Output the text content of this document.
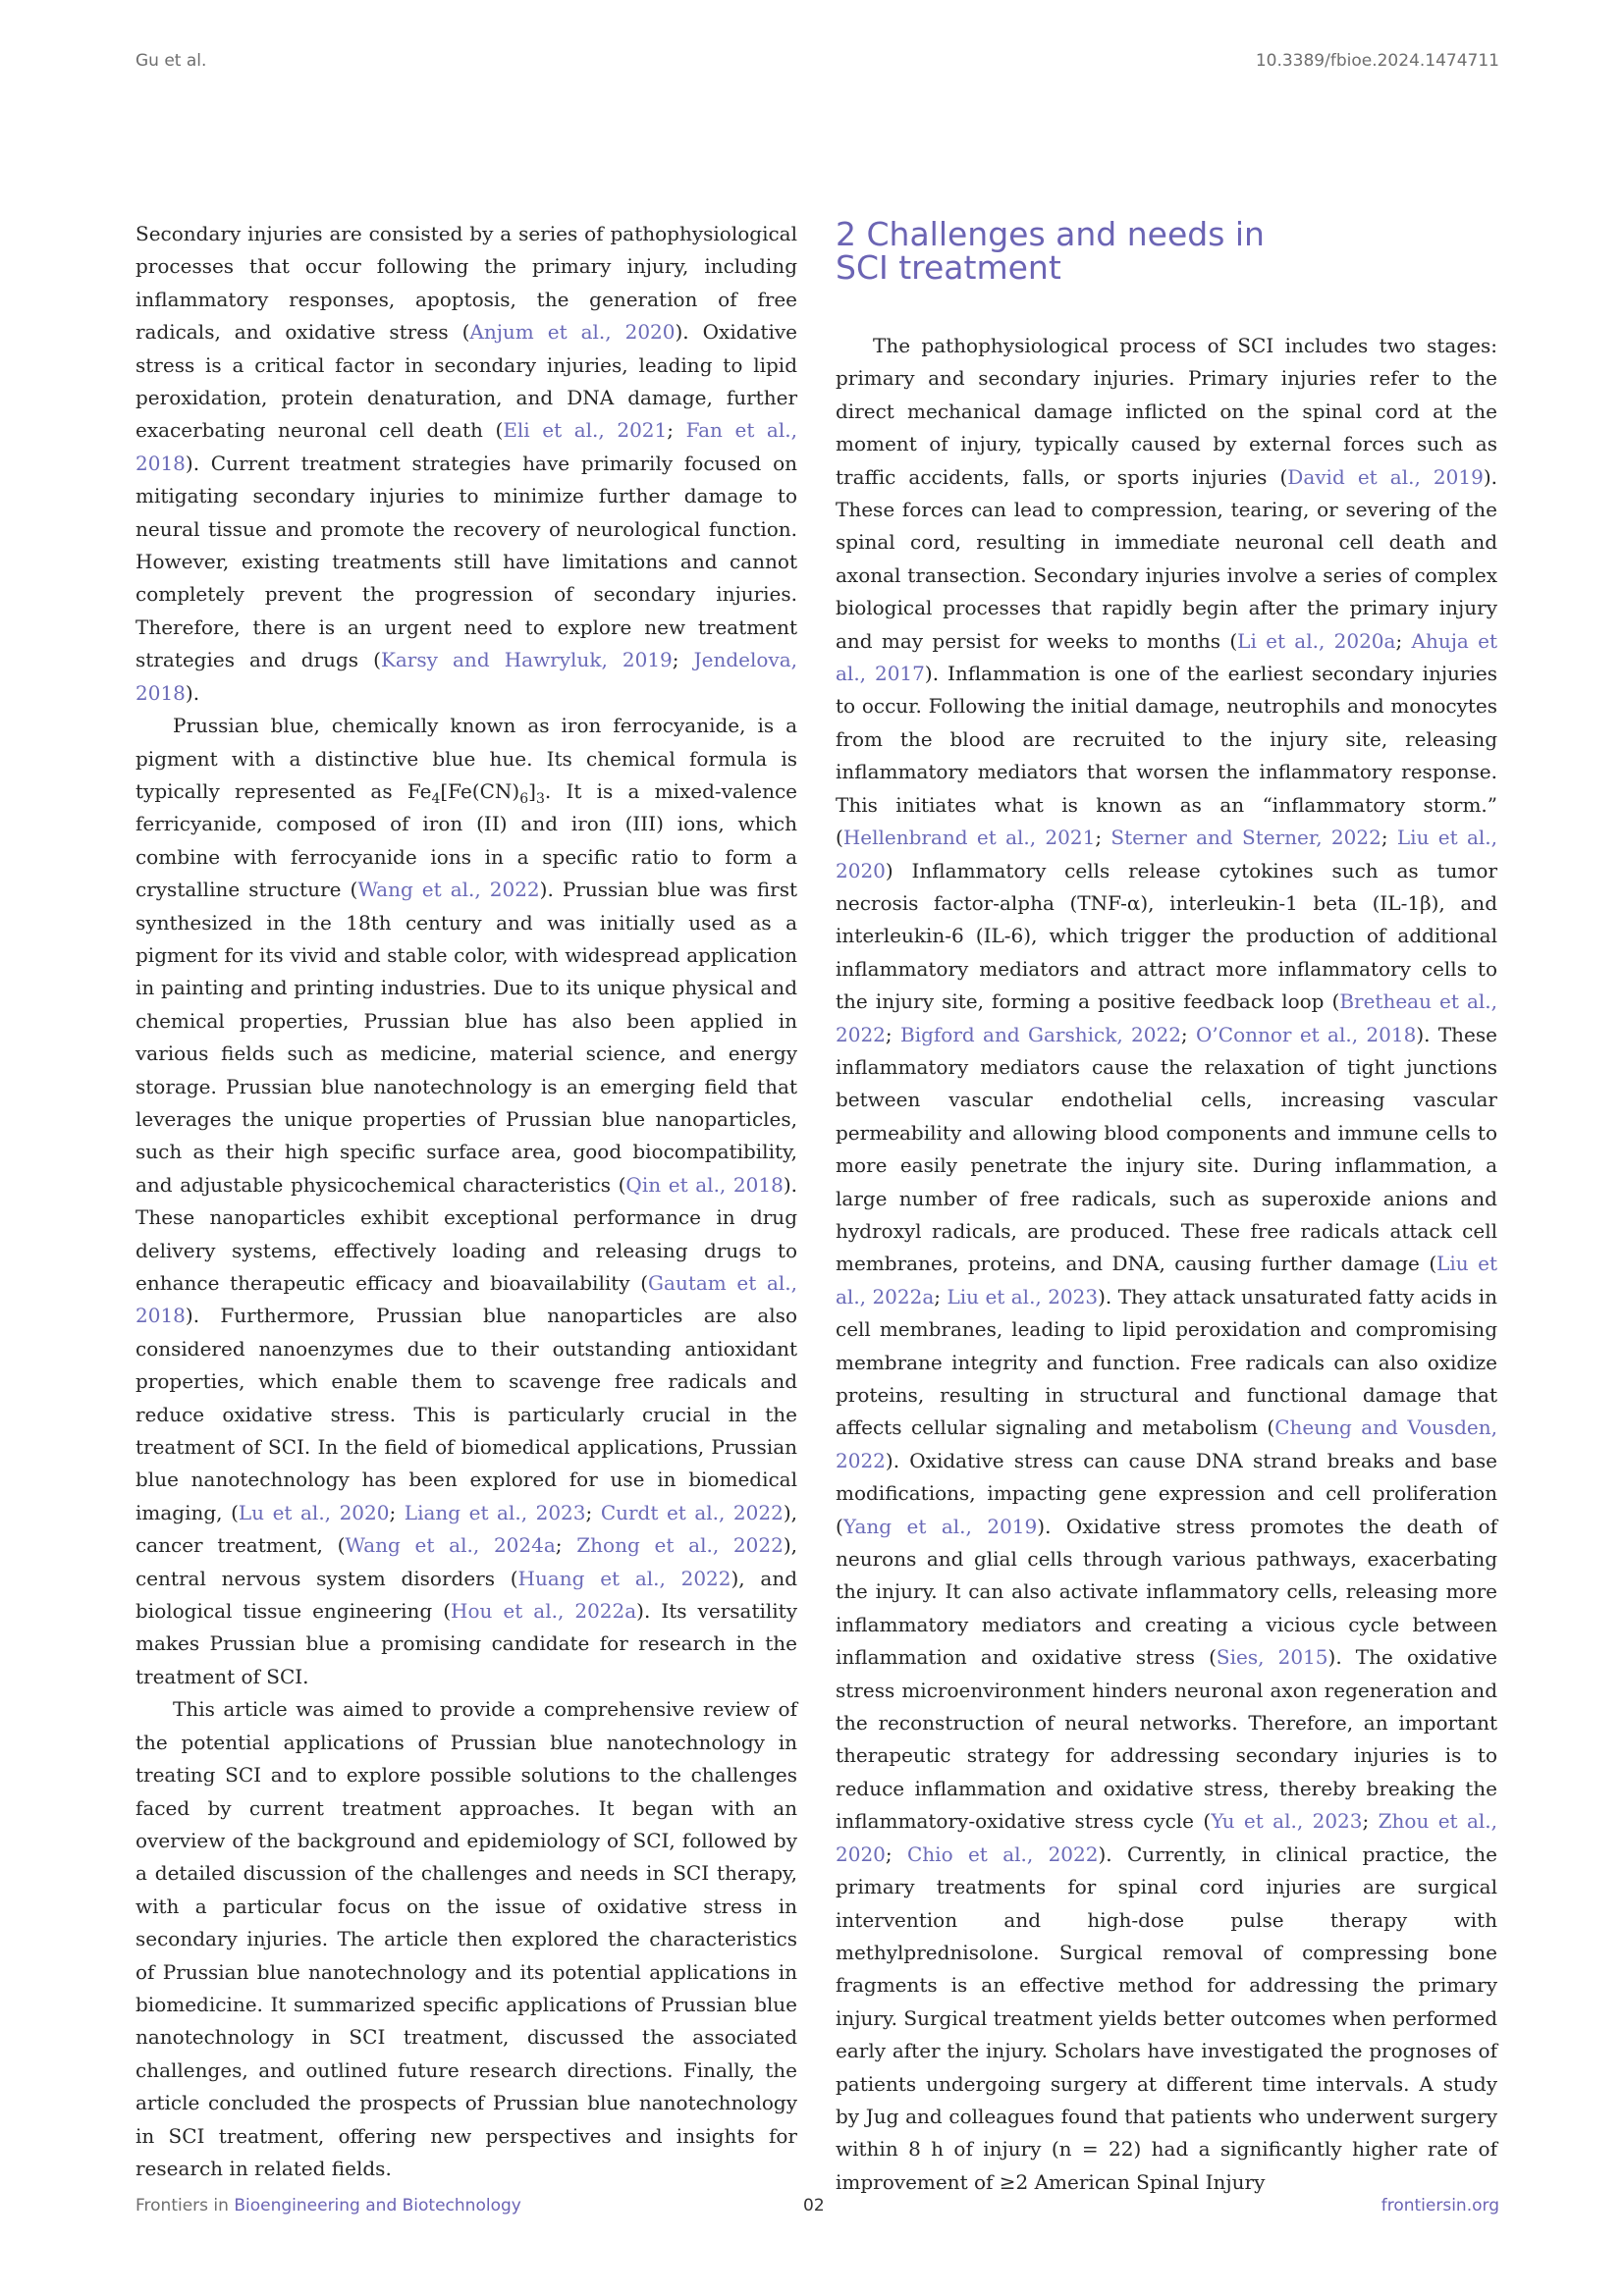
Gu et al.	10.3389/fbioe.2024.1474711

Secondary injuries are consisted by a series of pathophysiological processes that occur following the primary injury, including inflammatory responses, apoptosis, the generation of free radicals, and oxidative stress (Anjum et al., 2020). Oxidative stress is a critical factor in secondary injuries, leading to lipid peroxidation, protein denaturation, and DNA damage, further exacerbating neuronal cell death (Eli et al., 2021; Fan et al., 2018). Current treatment strategies have primarily focused on mitigating secondary injuries to minimize further damage to neural tissue and promote the recovery of neurological function. However, existing treatments still have limitations and cannot completely prevent the progression of secondary injuries. Therefore, there is an urgent need to explore new treatment strategies and drugs (Karsy and Hawryluk, 2019; Jendelova, 2018).

Prussian blue, chemically known as iron ferrocyanide, is a pigment with a distinctive blue hue. Its chemical formula is typically represented as $Fe_4[Fe(CN)_6]_3$. It is a mixed-valence ferricyanide, composed of iron (II) and iron (III) ions, which combine with ferrocyanide ions in a specific ratio to form a crystalline structure (Wang et al., 2022). Prussian blue was first synthesized in the 18th century and was initially used as a pigment for its vivid and stable color, with widespread application in painting and printing industries. Due to its unique physical and chemical properties, Prussian blue has also been applied in various fields such as medicine, material science, and energy storage. Prussian blue nanotechnology is an emerging field that leverages the unique properties of Prussian blue nanoparticles, such as their high specific surface area, good biocompatibility, and adjustable physicochemical characteristics (Qin et al., 2018). These nanoparticles exhibit exceptional performance in drug delivery systems, effectively loading and releasing drugs to enhance therapeutic efficacy and bioavailability (Gautam et al., 2018). Furthermore, Prussian blue nanoparticles are also considered nanoenzymes due to their outstanding antioxidant properties, which enable them to scavenge free radicals and reduce oxidative stress. This is particularly crucial in the treatment of SCI. In the field of biomedical applications, Prussian blue nanotechnology has been explored for use in biomedical imaging, (Lu et al., 2020; Liang et al., 2023; Curdt et al., 2022), cancer treatment, (Wang et al., 2024a; Zhong et al., 2022), central nervous system disorders (Huang et al., 2022), and biological tissue engineering (Hou et al., 2022a). Its versatility makes Prussian blue a promising candidate for research in the treatment of SCI.

This article was aimed to provide a comprehensive review of the potential applications of Prussian blue nanotechnology in treating SCI and to explore possible solutions to the challenges faced by current treatment approaches. It began with an overview of the background and epidemiology of SCI, followed by a detailed discussion of the challenges and needs in SCI therapy, with a particular focus on the issue of oxidative stress in secondary injuries. The article then explored the characteristics of Prussian blue nanotechnology and its potential applications in biomedicine. It summarized specific applications of Prussian blue nanotechnology in SCI treatment, discussed the associated challenges, and outlined future research directions. Finally, the article concluded the prospects of Prussian blue nanotechnology in SCI treatment, offering new perspectives and insights for research in related fields.

2 Challenges and needs in
SCI treatment

The pathophysiological process of SCI includes two stages: primary and secondary injuries. Primary injuries refer to the direct mechanical damage inflicted on the spinal cord at the moment of injury, typically caused by external forces such as traffic accidents, falls, or sports injuries (David et al., 2019). These forces can lead to compression, tearing, or severing of the spinal cord, resulting in immediate neuronal cell death and axonal transection. Secondary injuries involve a series of complex biological processes that rapidly begin after the primary injury and may persist for weeks to months (Li et al., 2020a; Ahuja et al., 2017). Inflammation is one of the earliest secondary injuries to occur. Following the initial damage, neutrophils and monocytes from the blood are recruited to the injury site, releasing inflammatory mediators that worsen the inflammatory response. This initiates what is known as an “inflammatory storm.” (Hellenbrand et al., 2021; Sterner and Sterner, 2022; Liu et al., 2020) Inflammatory cells release cytokines such as tumor necrosis factor-alpha (TNF-α), interleukin-1 beta (IL-1β), and interleukin-6 (IL-6), which trigger the production of additional inflammatory mediators and attract more inflammatory cells to the injury site, forming a positive feedback loop (Bretheau et al., 2022; Bigford and Garshick, 2022; O’Connor et al., 2018). These inflammatory mediators cause the relaxation of tight junctions between vascular endothelial cells, increasing vascular permeability and allowing blood components and immune cells to more easily penetrate the injury site. During inflammation, a large number of free radicals, such as superoxide anions and hydroxyl radicals, are produced. These free radicals attack cell membranes, proteins, and DNA, causing further damage (Liu et al., 2022a; Liu et al., 2023). They attack unsaturated fatty acids in cell membranes, leading to lipid peroxidation and compromising membrane integrity and function. Free radicals can also oxidize proteins, resulting in structural and functional damage that affects cellular signaling and metabolism (Cheung and Vousden, 2022). Oxidative stress can cause DNA strand breaks and base modifications, impacting gene expression and cell proliferation (Yang et al., 2019). Oxidative stress promotes the death of neurons and glial cells through various pathways, exacerbating the injury. It can also activate inflammatory cells, releasing more inflammatory mediators and creating a vicious cycle between inflammation and oxidative stress (Sies, 2015). The oxidative stress microenvironment hinders neuronal axon regeneration and the reconstruction of neural networks. Therefore, an important therapeutic strategy for addressing secondary injuries is to reduce inflammation and oxidative stress, thereby breaking the inflammatory-oxidative stress cycle (Yu et al., 2023; Zhou et al., 2020; Chio et al., 2022). Currently, in clinical practice, the primary treatments for spinal cord injuries are surgical intervention and high-dose pulse therapy with methylprednisolone. Surgical removal of compressing bone fragments is an effective method for addressing the primary injury. Surgical treatment yields better outcomes when performed early after the injury. Scholars have investigated the prognoses of patients undergoing surgery at different time intervals. A study by Jug and colleagues found that patients who underwent surgery within 8 h of injury (n = 22) had a significantly higher rate of improvement of ≥2 American Spinal Injury

Frontiers in Bioengineering and Biotechnology	02	frontiersin.org
